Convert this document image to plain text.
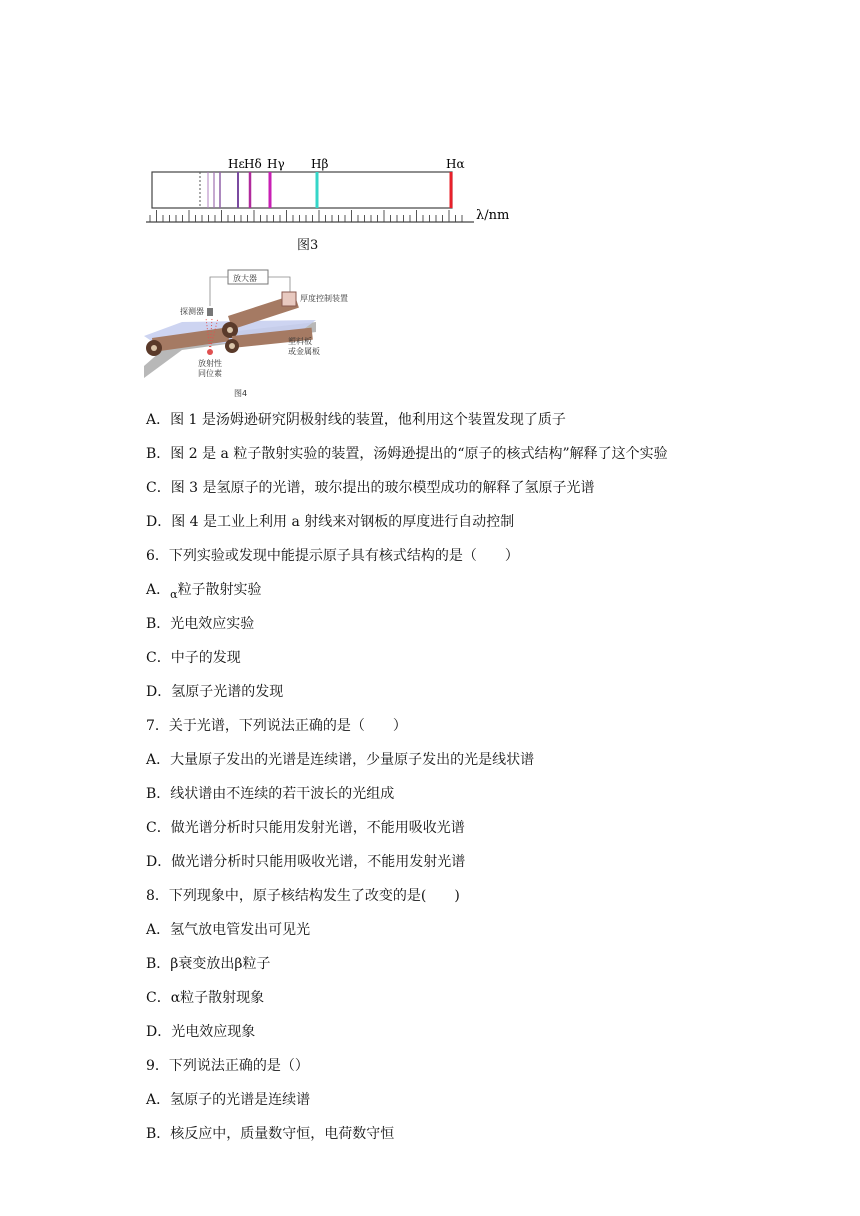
Hε Hδ Hγ Hβ	Hα
λ/nm
图3
放大器
厚度控制装置
探测器
放射性
同位素
塑料板
或金属板
图4
A．图 1 是汤姆逊研究阴极射线的装置，他利用这个装置发现了质子
B．图 2 是 a 粒子散射实验的装置，汤姆逊提出的“原子的核式结构”解释了这个实验
C．图 3 是氢原子的光谱，玻尔提出的玻尔模型成功的解释了氢原子光谱
D．图 4 是工业上利用 a 射线来对钢板的厚度进行自动控制
6．下列实验或发现中能提示原子具有核式结构的是（　　）
A．$_\alpha$粒子散射实验
B．光电效应实验
C．中子的发现
D．氢原子光谱的发现
7．关于光谱，下列说法正确的是（　　）
A．大量原子发出的光谱是连续谱，少量原子发出的光是线状谱
B．线状谱由不连续的若干波长的光组成
C．做光谱分析时只能用发射光谱，不能用吸收光谱
D．做光谱分析时只能用吸收光谱，不能用发射光谱
8．下列现象中，原子核结构发生了改变的是(　　)
A．氢气放电管发出可见光
B．β衰变放出β粒子
C．α粒子散射现象
D．光电效应现象
9．下列说法正确的是（）
A．氢原子的光谱是连续谱
B．核反应中，质量数守恒，电荷数守恒
